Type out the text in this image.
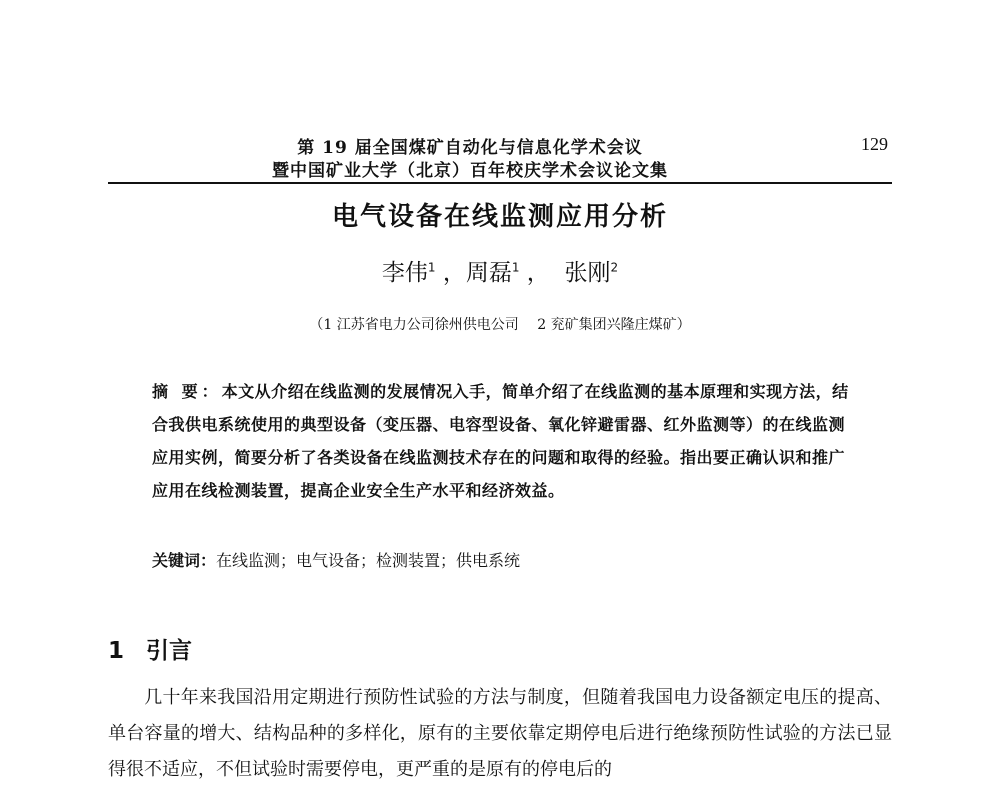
第 19 届全国煤矿自动化与信息化学术会议
暨中国矿业大学（北京）百年校庆学术会议论文集
129
电气设备在线监测应用分析
李伟$^1$ ，周磊$^1$ ，  张刚$^2$
（1 江苏省电力公司徐州供电公司　 2 兖矿集团兴隆庄煤矿）
摘 要：本文从介绍在线监测的发展情况入手，简单介绍了在线监测的基本原理和实现方法，结合我供电系统使用的典型设备（变压器、电容型设备、氧化锌避雷器、红外监测等）的在线监测应用实例，简要分析了各类设备在线监测技术存在的问题和取得的经验。指出要正确认识和推广应用在线检测装置，提高企业安全生产水平和经济效益。
关键词：在线监测；电气设备；检测装置；供电系统
1 引言
几十年来我国沿用定期进行预防性试验的方法与制度，但随着我国电力设备额定电压的提高、单台容量的增大、结构品种的多样化，原有的主要依靠定期停电后进行绝缘预防性试验的方法已显得很不适应，不但试验时需要停电，更严重的是原有的停电后的
